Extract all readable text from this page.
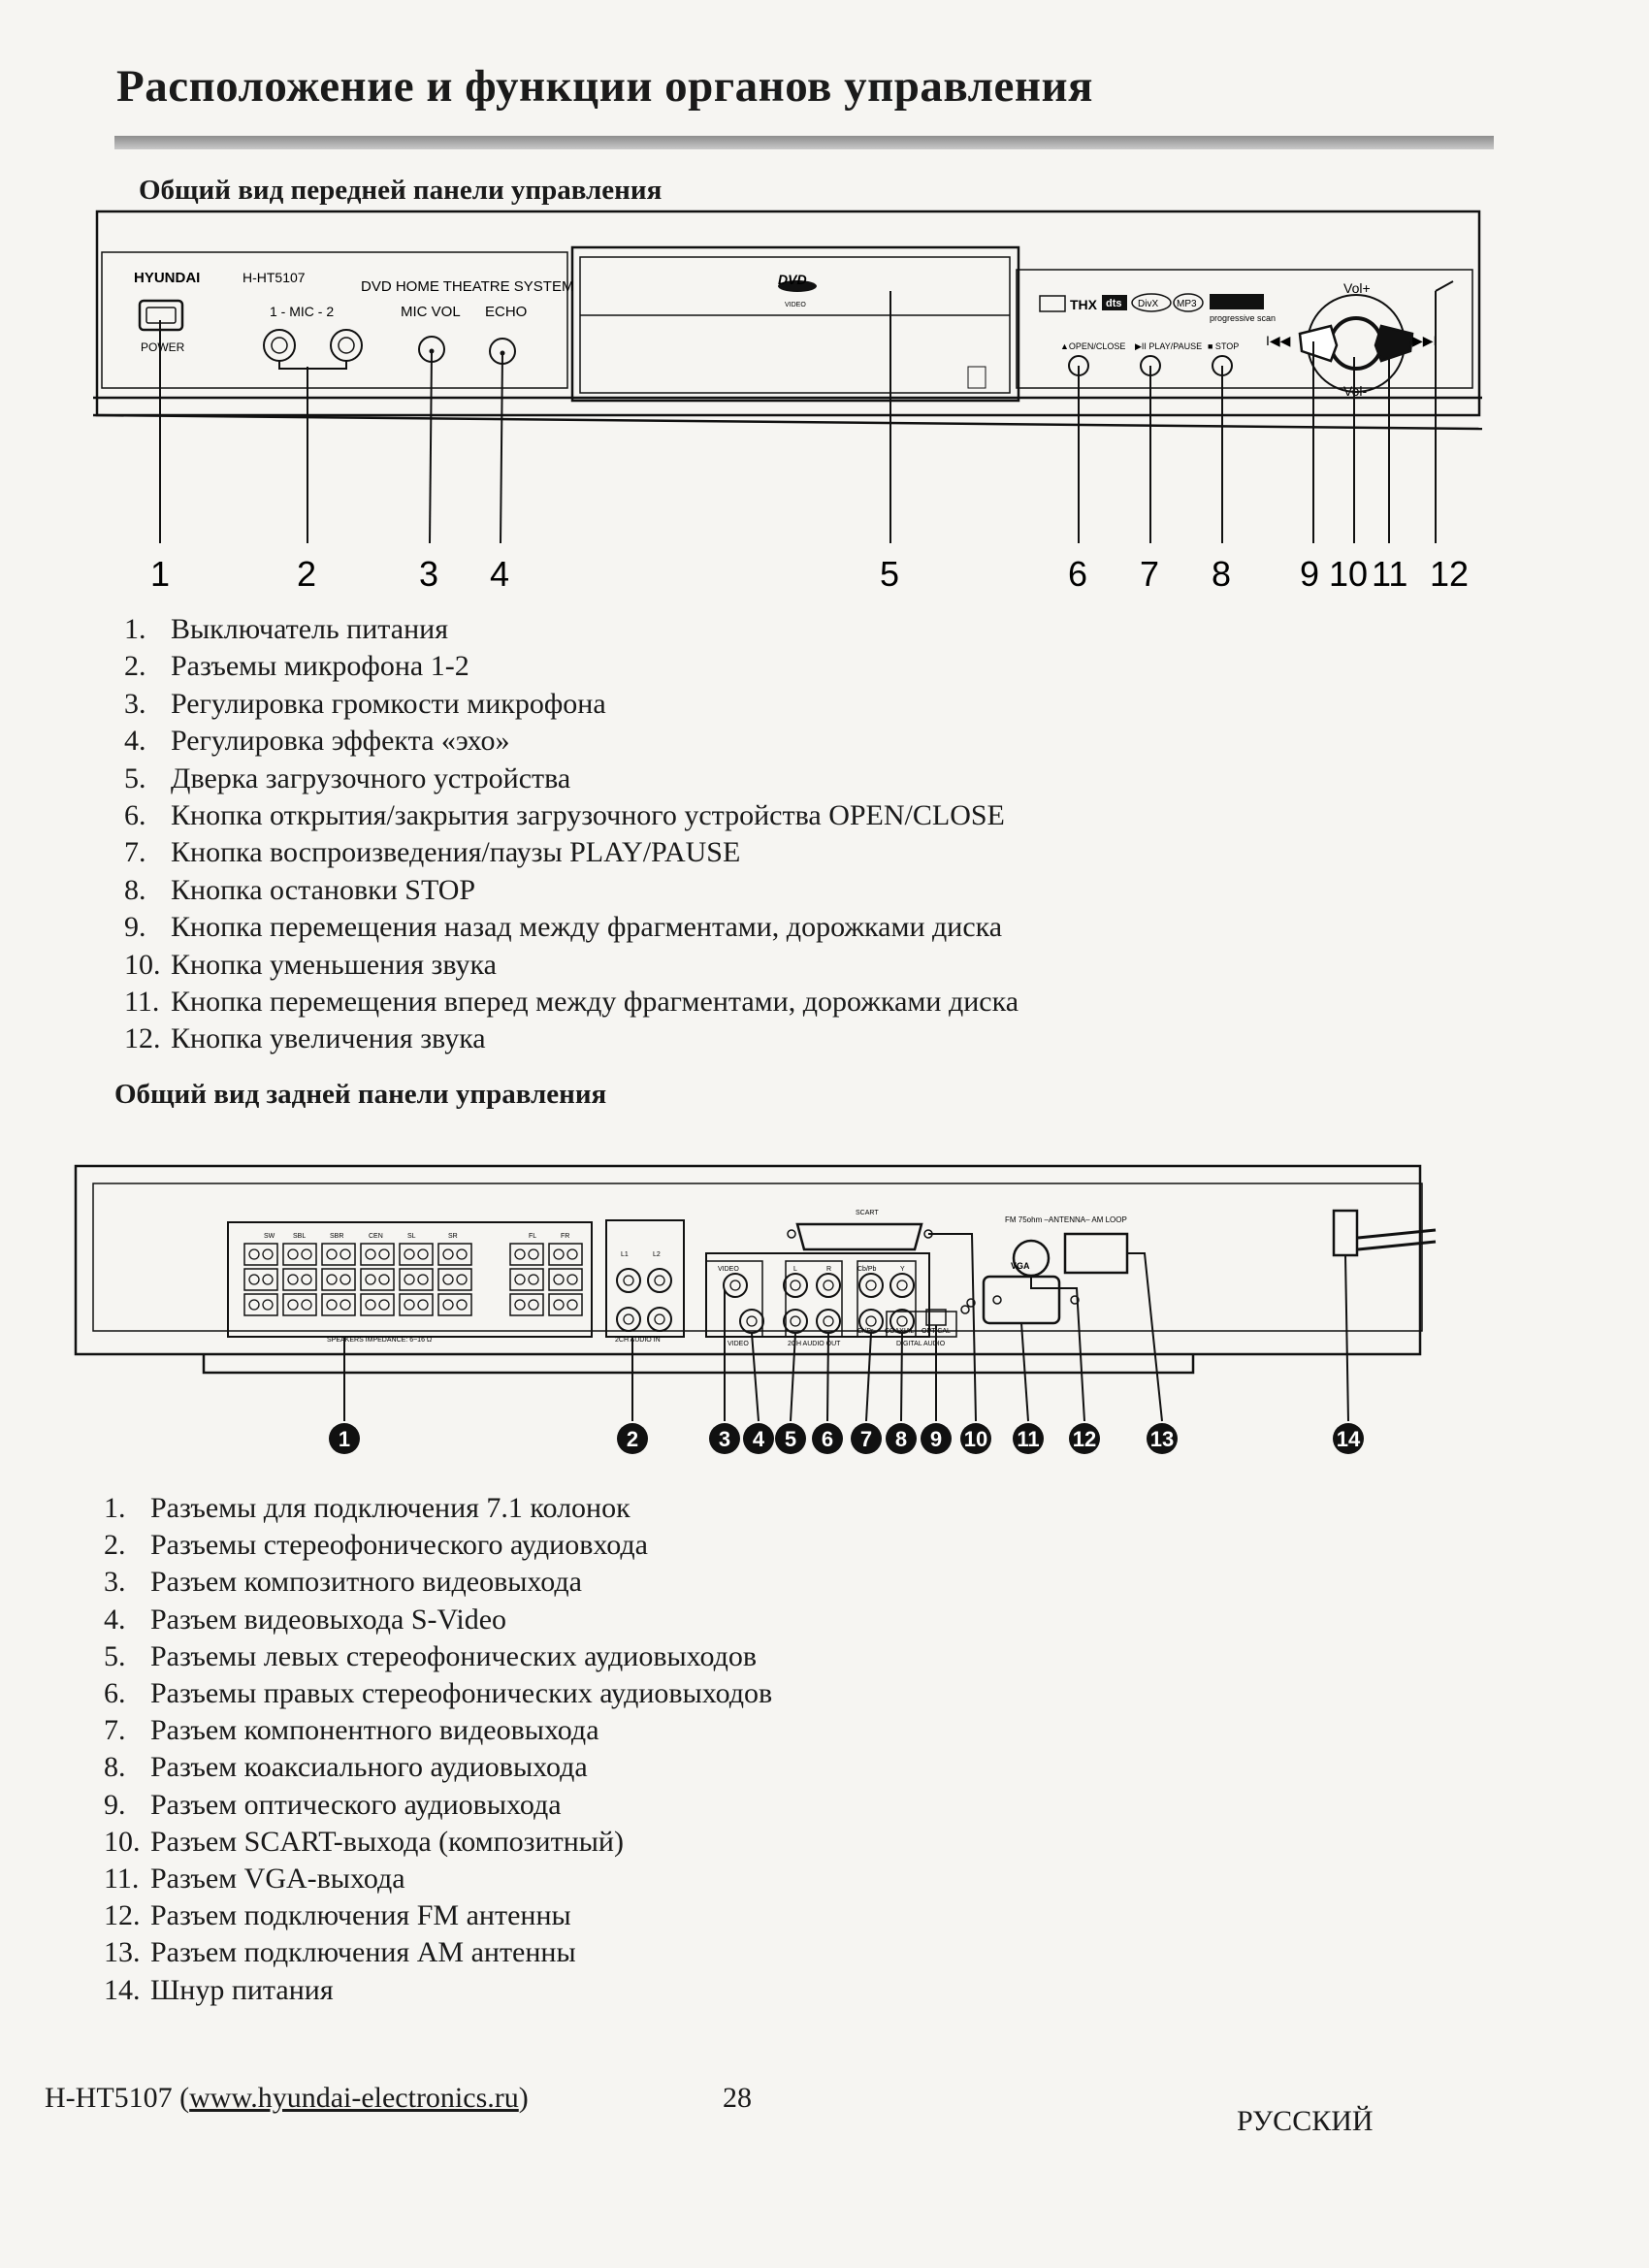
Расположение и функции органов управления
Общий вид передней панели управления
HYUNDAI	H-HT5107
DVD HOME THEATRE SYSTEM
POWER
1 - MIC - 2	MIC VOL ECHO
DVD
VIDEO	THX dts DivX MP3
progressive scan
▲OPEN/CLOSE ▶II PLAY/PAUSE ■ STOP
Vol+
Vol-
I◀◀	▶▶I
1	2	3 4	5	6 7 8 9 10 11 12
1. Выключатель питания
2. Разъемы микрофона 1-2
3. Регулировка громкости микрофона
4. Регулировка эффекта «эхо»
5. Дверка загрузочного устройства
6. Кнопка открытия/закрытия загрузочного устройства OPEN/CLOSE
7. Кнопка воспроизведения/паузы PLAY/PAUSE
8. Кнопка остановки STOP
9. Кнопка перемещения назад между фрагментами, дорожками диска
10. Кнопка уменьшения звука
11. Кнопка перемещения вперед между фрагментами, дорожками диска
12. Кнопка увеличения звука
Общий вид задней панели управления
SW	SBL	SBR	CEN	SL	SR	FL	FR
SPEAKERS IMPEDANCE: 6~16 Ω	2CH AUDIO IN
L1	L2
VIDEO
VIDEO	2CH AUDIO OUT
L	R	Y
Cb/Pb
Cr/Pr COAXIAL OPTICAL
DIGITAL AUDIO
SCART
FM 75ohm –ANTENNA– AM LOOP
VGA
1	2	3 4 5 6 7 8 9 10 11 12	13	14
1. Разъемы для подключения 7.1 колонок
2. Разъемы стереофонического аудиовхода
3. Разъем композитного видеовыхода
4. Разъем видеовыхода S-Video
5. Разъемы левых стереофонических аудиовыходов
6. Разъемы правых стереофонических аудиовыходов
7. Разъем компонентного видеовыхода
8. Разъем коаксиального аудиовыхода
9. Разъем оптического аудиовыхода
10. Разъем SCART-выхода (композитный)
11. Разъем VGA-выхода
12. Разъем подключения FM антенны
13. Разъем подключения AM антенны
14. Шнур питания
H-HT5107 (www.hyundai-electronics.ru)	28
РУССКИЙ
